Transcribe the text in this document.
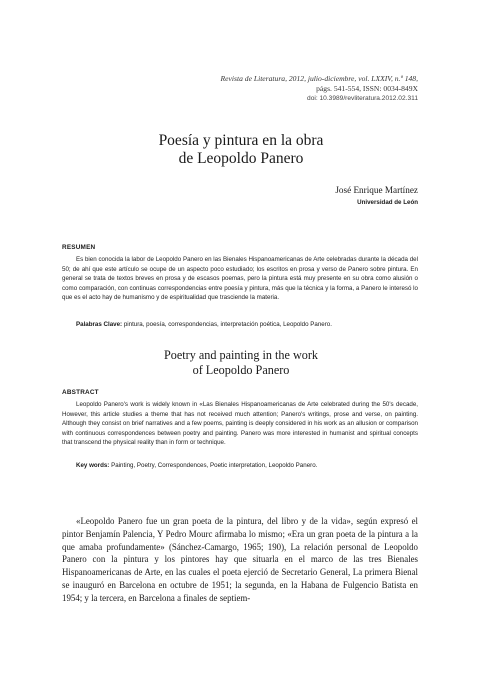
Revista de Literatura, 2012, julio-diciembre, vol. LXXIV, n.º 148,
págs. 541-554, ISSN: 0034-849X
doi: 10.3989/revliteratura.2012.02.311
Poesía y pintura en la obra
de Leopoldo Panero
José Enrique Martínez
Universidad de León
RESUMEN
Es bien conocida la labor de Leopoldo Panero en las Bienales Hispanoamericanas de Arte celebradas durante la década del 50; de ahí que este artículo se ocupe de un aspecto poco estudiado; los escritos en prosa y verso de Panero sobre pintura. En general se trata de textos breves en prosa y de escasos poemas, pero la pintura está muy presente en su obra como alusión o como comparación, con continuas correspondencias entre poesía y pintura, más que la técnica y la forma, a Panero le interesó lo que es el acto hay de humanismo y de espiritualidad que trasciende la materia.
Palabras Clave: pintura, poesía, correspondencias, interpretación poética, Leopoldo Panero.
Poetry and painting in the work
of Leopoldo Panero
ABSTRACT
Leopoldo Panero's work is widely known in «Las Bienales Hispanoamericanas de Arte celebrated during the 50's decade, However, this article studies a theme that has not received much attention; Panero's writings, prose and verse, on painting. Although they consist on brief narratives and a few poems, painting is deeply considered in his work as an allusion or comparison with continuous correspondences between poetry and painting. Panero was more interested in humanist and spiritual concepts that transcend the physical reality than in form or technique.
Key words: Painting, Poetry, Correspondences, Poetic interpretation, Leopoldo Panero.
«Leopoldo Panero fue un gran poeta de la pintura, del libro y de la vida», según expresó el pintor Benjamín Palencia, Y Pedro Mourc afirmaba lo mismo; «Era un gran poeta de la pintura a la que amaba profundamente» (Sánchez-Camargo, 1965; 190), La relación personal de Leopoldo Panero con la pintura y los pintores hay que situarla en el marco de las tres Bienales Hispanoamericanas de Arte, en las cuales el poeta ejerció de Secretario General, La primera Bienal se inauguró en Barcelona en octubre de 1951; la segunda, en la Habana de Fulgencio Batista en 1954; y la tercera, en Barcelona a finales de septiem-
